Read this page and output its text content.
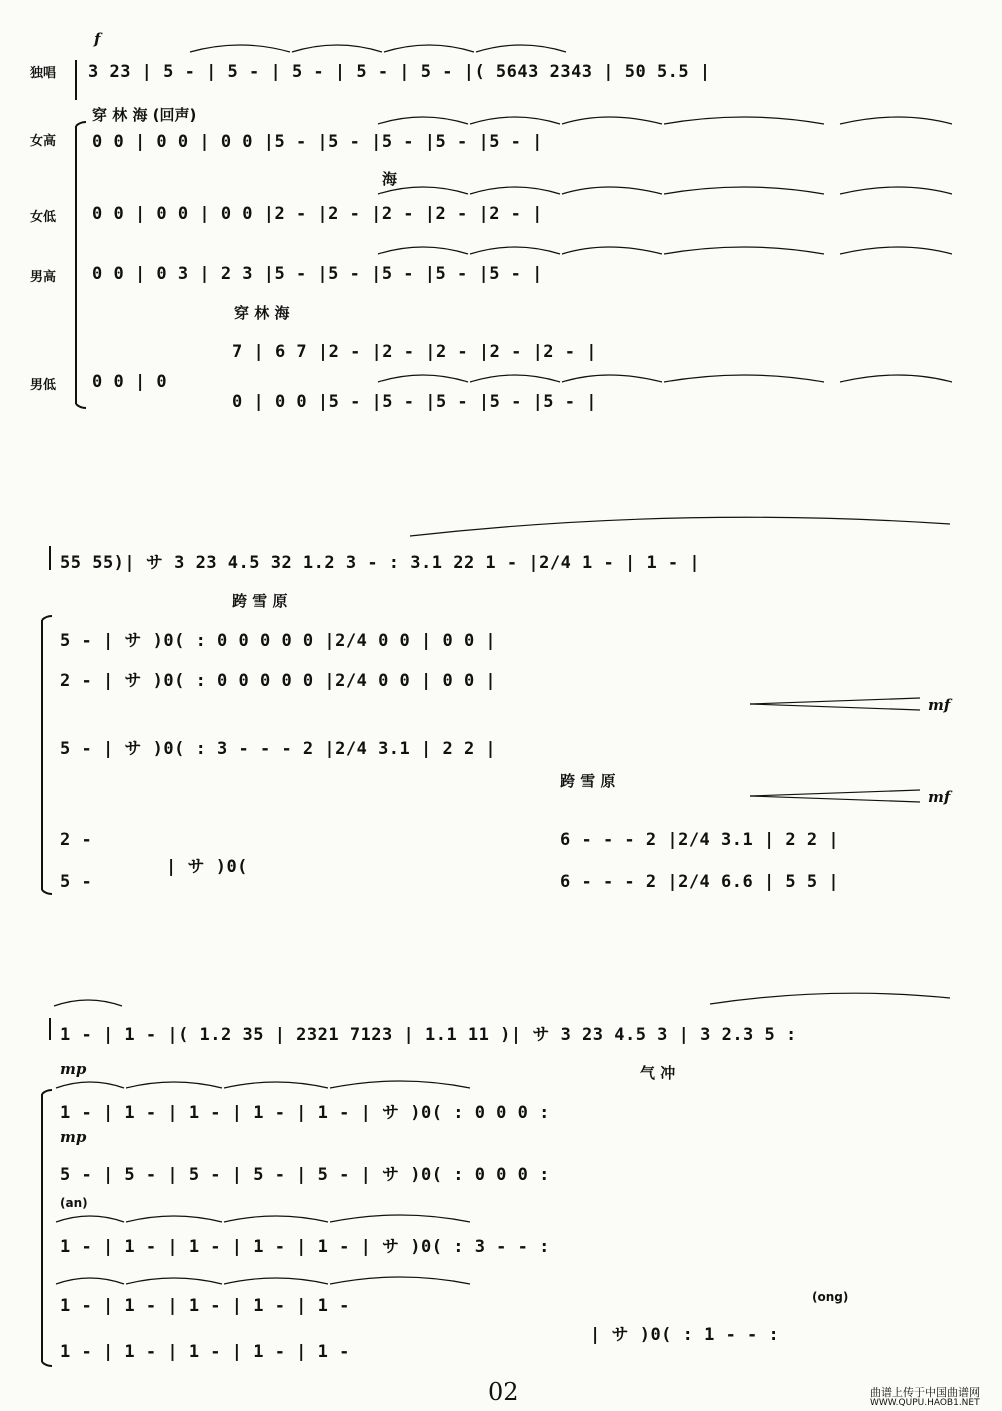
独唱
女高
女低
男高
男低
f
3 23 | 5 - | 5 - | 5 - | 5 - | 5 - |( 5643 2343 | 50 5.5 |
穿 林 海 (回声)
0 0 | 0 0 | 0 0 |5 - |5 - |5 - |5 - |5 - |
海
0 0 | 0 0 | 0 0 |2 - |2 - |2 - |2 - |2 - |
0 0 | 0 3 | 2 3 |5 - |5 - |5 - |5 - |5 - |
穿 林 海
7 | 6 7 |2 - |2 - |2 - |2 - |2 - |
0 0 | 0
0 | 0 0 |5 - |5 - |5 - |5 - |5 - |
55 55)| サ 3 23 4.5 32 1.2 3 - : 3.1 22 1 - |2/4 1 - | 1 - |
跨 雪 原
5 - | サ )0( : 0 0 0 0 0 |2/4 0 0 | 0 0 |
2 - | サ )0( : 0 0 0 0 0 |2/4 0 0 | 0 0 |
mf
5 - | サ )0( : 3 - - - 2 |2/4 3.1 | 2 2 |
跨 雪 原
mf
2 -
| サ )0(
5 -
6 - - - 2 |2/4 3.1 | 2 2 |
6 - - - 2 |2/4 6.6 | 5 5 |
1 - | 1 - |( 1.2 35 | 2321 7123 | 1.1 11 )| サ 3 23 4.5 3 | 3 2.3 5 :
mp	气 冲
1 - | 1 - | 1 - | 1 - | 1 - | サ )0( : 0 0 0 :
mp
5 - | 5 - | 5 - | 5 - | 5 - | サ )0( : 0 0 0 :
(an)
1 - | 1 - | 1 - | 1 - | 1 - | サ )0( : 3 - - :
(ong)
1 - | 1 - | 1 - | 1 - | 1 -
| サ )0( : 1 - - :
1 - | 1 - | 1 - | 1 - | 1 -
02	曲谱上传于中国曲谱网
WWW.QUPU.HAOB1.NET
